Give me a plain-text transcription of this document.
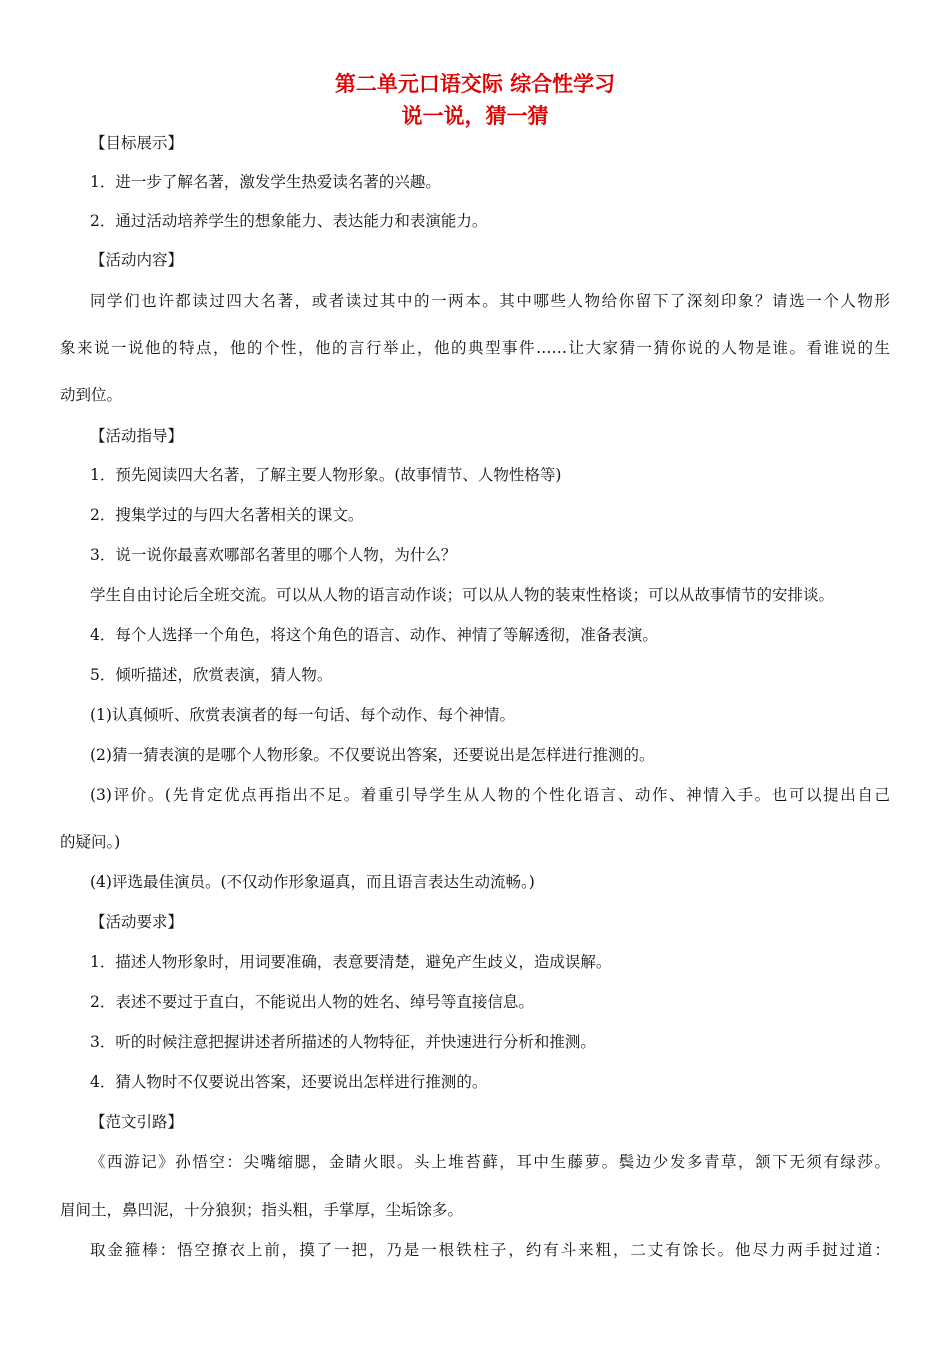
第二单元口语交际 综合性学习
说一说，猜一猜
【目标展示】
1．进一步了解名著，激发学生热爱读名著的兴趣。
2．通过活动培养学生的想象能力、表达能力和表演能力。
【活动内容】
同学们也许都读过四大名著，或者读过其中的一两本。其中哪些人物给你留下了深刻印象？请选一个人物形
象来说一说他的特点，他的个性，他的言行举止，他的典型事件……让大家猜一猜你说的人物是谁。看谁说的生
动到位。
【活动指导】
1．预先阅读四大名著，了解主要人物形象。(故事情节、人物性格等)
2．搜集学过的与四大名著相关的课文。
3．说一说你最喜欢哪部名著里的哪个人物，为什么？
学生自由讨论后全班交流。可以从人物的语言动作谈；可以从人物的装束性格谈；可以从故事情节的安排谈。
4．每个人选择一个角色，将这个角色的语言、动作、神情了等解透彻，准备表演。
5．倾听描述，欣赏表演，猜人物。
(1)认真倾听、欣赏表演者的每一句话、每个动作、每个神情。
(2)猜一猜表演的是哪个人物形象。不仅要说出答案，还要说出是怎样进行推测的。
(3)评价。(先肯定优点再指出不足。着重引导学生从人物的个性化语言、动作、神情入手。也可以提出自己
的疑问。)
(4)评选最佳演员。(不仅动作形象逼真，而且语言表达生动流畅。)
【活动要求】
1．描述人物形象时，用词要准确，表意要清楚，避免产生歧义，造成误解。
2．表述不要过于直白，不能说出人物的姓名、绰号等直接信息。
3．听的时候注意把握讲述者所描述的人物特征，并快速进行分析和推测。
4．猜人物时不仅要说出答案，还要说出怎样进行推测的。
【范文引路】
《西游记》孙悟空：尖嘴缩腮，金睛火眼。头上堆苔藓，耳中生藤萝。鬓边少发多青草，颔下无须有绿莎。
眉间土，鼻凹泥，十分狼狈；指头粗，手掌厚，尘垢馀多。
取金箍棒：悟空撩衣上前，摸了一把，乃是一根铁柱子，约有斗来粗，二丈有馀长。他尽力两手挝过道：
